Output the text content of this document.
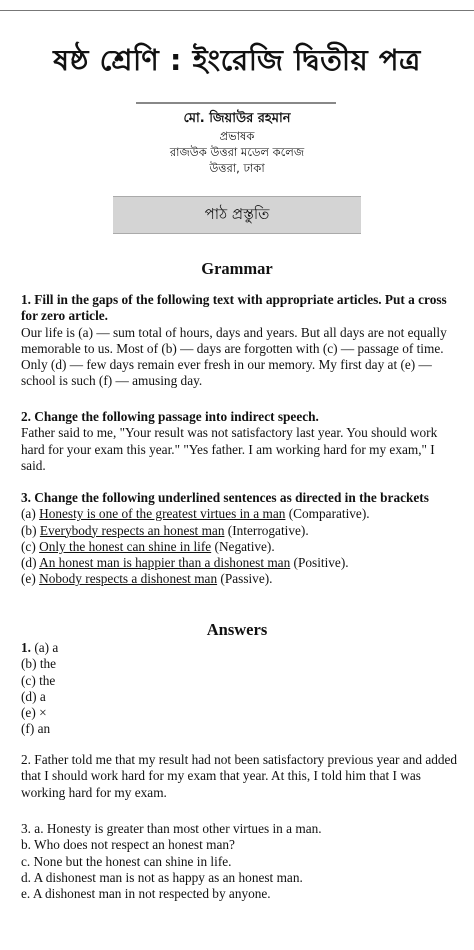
ষষ্ঠ শ্রেণি : ইংরেজি দ্বিতীয় পত্র
মো. জিয়াউর রহমান
প্রভাষক
রাজউক উত্তরা মডেল কলেজ
উত্তরা, ঢাকা
পাঠ প্রস্তুতি
Grammar

1. Fill in the gaps of the following text with appropriate articles. Put a cross for zero article.

Our life is (a) — sum total of hours, days and years. But all days are not equally memorable to us. Most of (b) — days are forgotten with (c) — passage of time. Only (d) — few days remain ever fresh in our memory. My first day at (e) — school is such (f) — amusing day.

2. Change the following passage into indirect speech.

Father said to me, "Your result was not satisfactory last year. You should work hard for your exam this year." "Yes father. I am working hard for my exam," I said.

3. Change the following underlined sentences as directed in the brackets

(a) Honesty is one of the greatest virtues in a man (Comparative).

(b) Everybody respects an honest man (Interrogative).

(c) Only the honest can shine in life (Negative).

(d) An honest man is happier than a dishonest man (Positive).

(e) Nobody respects a dishonest man (Passive).

Answers

1. (a) a

(b) the

(c) the

(d) a

(e) ×

(f) an

2. Father told me that my result had not been satisfactory previous year and added that I should work hard for my exam that year. At this, I told him that I was working hard for my exam.

3. a. Honesty is greater than most other virtues in a man.

b. Who does not respect an honest man?

c. None but the honest can shine in life.

d. A dishonest man is not as happy as an honest man.

e. A dishonest man in not respected by anyone.
